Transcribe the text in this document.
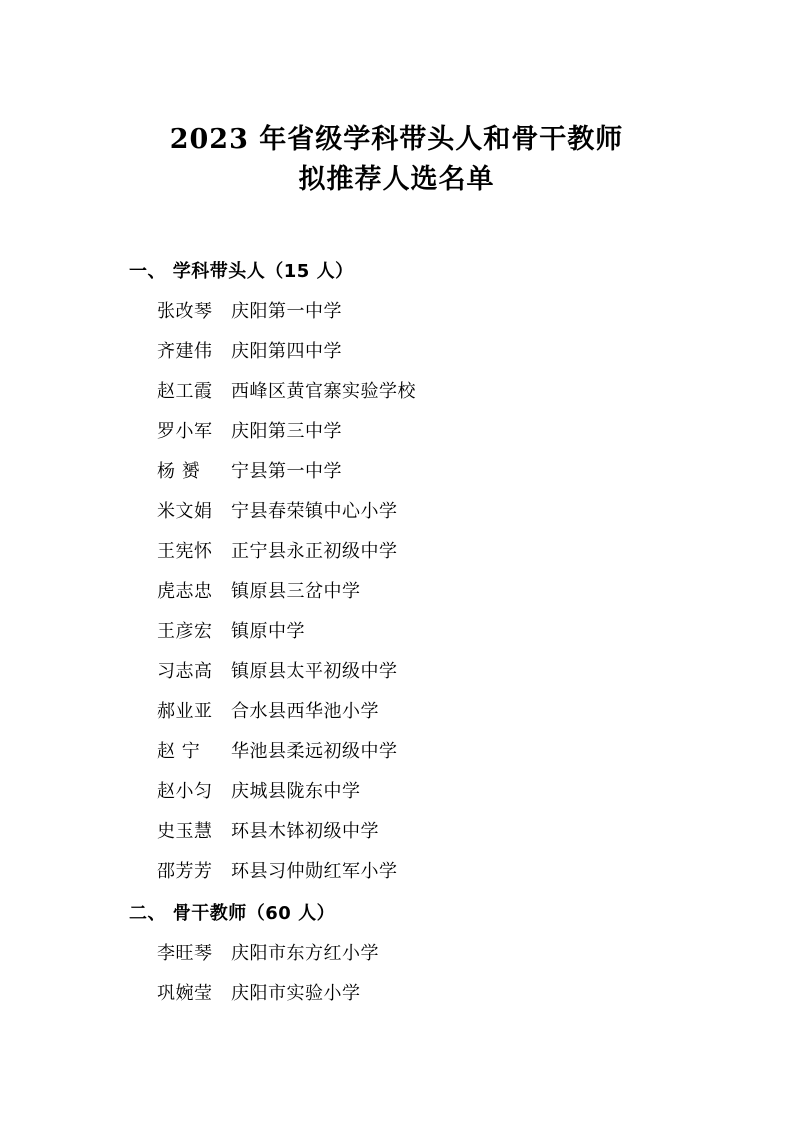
2023 年省级学科带头人和骨干教师
拟推荐人选名单
一、 学科带头人（15 人）
张改琴 庆阳第一中学
齐建伟 庆阳第四中学
赵工霞 西峰区黄官寨实验学校
罗小军 庆阳第三中学
杨 赟 宁县第一中学
米文娟 宁县春荣镇中心小学
王宪怀 正宁县永正初级中学
虎志忠 镇原县三岔中学
王彦宏 镇原中学
习志高 镇原县太平初级中学
郝业亚 合水县西华池小学
赵 宁 华池县柔远初级中学
赵小匀 庆城县陇东中学
史玉慧 环县木钵初级中学
邵芳芳 环县习仲勋红军小学
二、 骨干教师（60 人）
李旺琴 庆阳市东方红小学
巩婉莹 庆阳市实验小学
